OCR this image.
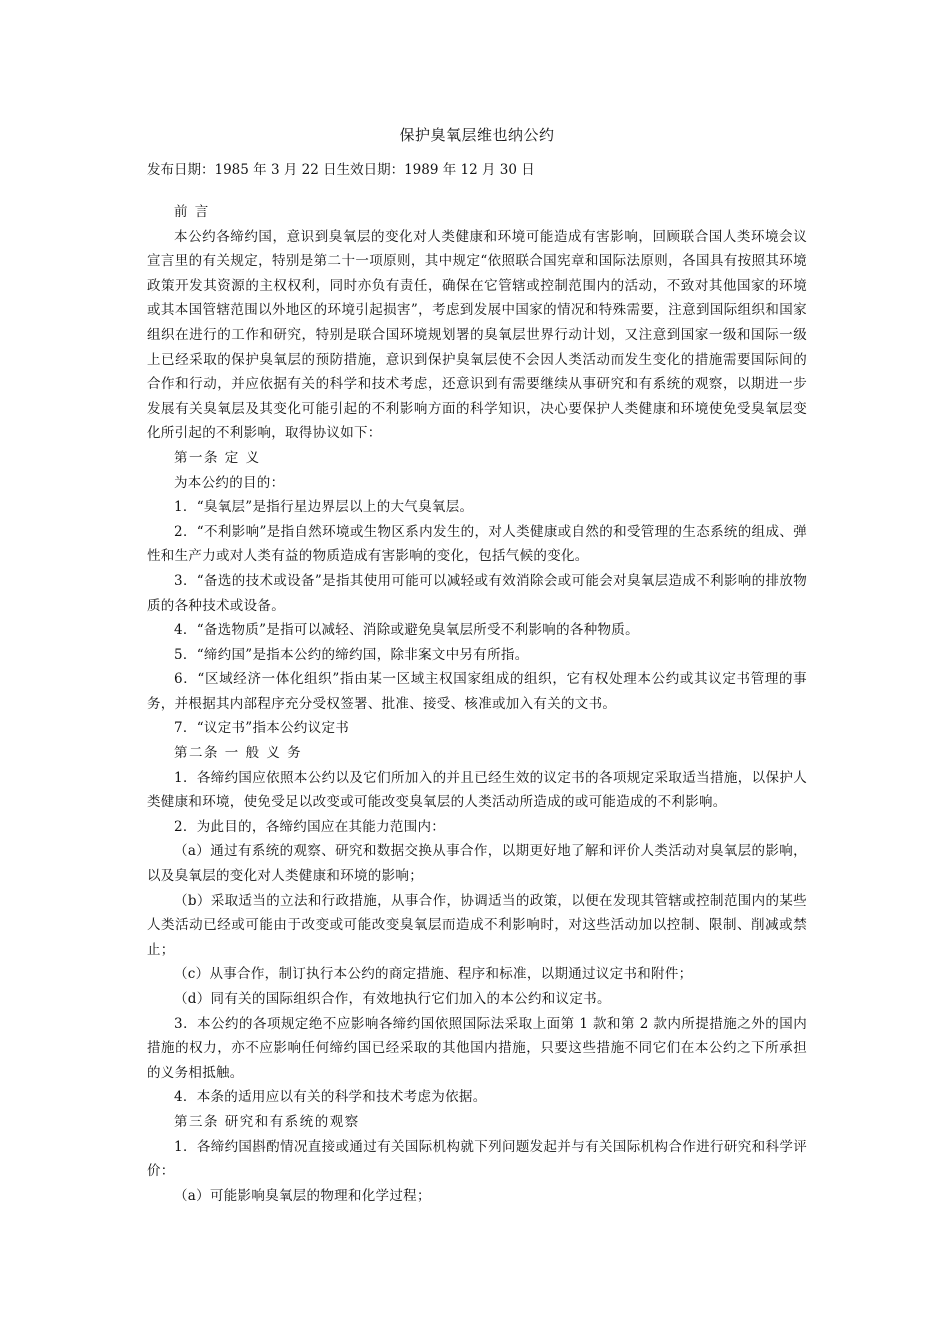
保护臭氧层维也纳公约
发布日期：1985 年 3 月 22 日生效日期：1989 年 12 月 30 日

前 言

本公约各缔约国，意识到臭氧层的变化对人类健康和环境可能造成有害影响，回顾联合国人类环境会议宣言里的有关规定，特别是第二十一项原则，其中规定“依照联合国宪章和国际法原则，各国具有按照其环境政策开发其资源的主权权利，同时亦负有责任，确保在它管辖或控制范围内的活动，不致对其他国家的环境或其本国管辖范围以外地区的环境引起损害”，考虑到发展中国家的情况和特殊需要，注意到国际组织和国家组织在进行的工作和研究，特别是联合国环境规划署的臭氧层世界行动计划，又注意到国家一级和国际一级上已经采取的保护臭氧层的预防措施，意识到保护臭氧层使不会因人类活动而发生变化的措施需要国际间的合作和行动，并应依据有关的科学和技术考虑，还意识到有需要继续从事研究和有系统的观察，以期进一步发展有关臭氧层及其变化可能引起的不利影响方面的科学知识，决心要保护人类健康和环境使免受臭氧层变化所引起的不利影响，取得协议如下：

第一条 定 义

为本公约的目的：

1．“臭氧层”是指行星边界层以上的大气臭氧层。

2．“不利影响”是指自然环境或生物区系内发生的，对人类健康或自然的和受管理的生态系统的组成、弹性和生产力或对人类有益的物质造成有害影响的变化，包括气候的变化。

3．“备选的技术或设备”是指其使用可能可以减轻或有效消除会或可能会对臭氧层造成不利影响的排放物质的各种技术或设备。

4．“备选物质”是指可以减轻、消除或避免臭氧层所受不利影响的各种物质。

5．“缔约国”是指本公约的缔约国，除非案文中另有所指。

6．“区域经济一体化组织”指由某一区域主权国家组成的组织，它有权处理本公约或其议定书管理的事务，并根据其内部程序充分受权签署、批准、接受、核准或加入有关的文书。

7．“议定书”指本公约议定书

第二条 一 般 义 务

1．各缔约国应依照本公约以及它们所加入的并且已经生效的议定书的各项规定采取适当措施，以保护人类健康和环境，使免受足以改变或可能改变臭氧层的人类活动所造成的或可能造成的不利影响。

2．为此目的，各缔约国应在其能力范围内：

（a）通过有系统的观察、研究和数据交换从事合作，以期更好地了解和评价人类活动对臭氧层的影响，以及臭氧层的变化对人类健康和环境的影响；

（b）采取适当的立法和行政措施，从事合作，协调适当的政策，以便在发现其管辖或控制范围内的某些人类活动已经或可能由于改变或可能改变臭氧层而造成不利影响时，对这些活动加以控制、限制、削减或禁止；

（c）从事合作，制订执行本公约的商定措施、程序和标准，以期通过议定书和附件；

（d）同有关的国际组织合作，有效地执行它们加入的本公约和议定书。

3．本公约的各项规定绝不应影响各缔约国依照国际法采取上面第 1 款和第 2 款内所提措施之外的国内措施的权力，亦不应影响任何缔约国已经采取的其他国内措施，只要这些措施不同它们在本公约之下所承担的义务相抵触。

4．本条的适用应以有关的科学和技术考虑为依据。

第三条 研究和有系统的观察

1．各缔约国斟酌情况直接或通过有关国际机构就下列问题发起并与有关国际机构合作进行研究和科学评价：

（a）可能影响臭氧层的物理和化学过程；
